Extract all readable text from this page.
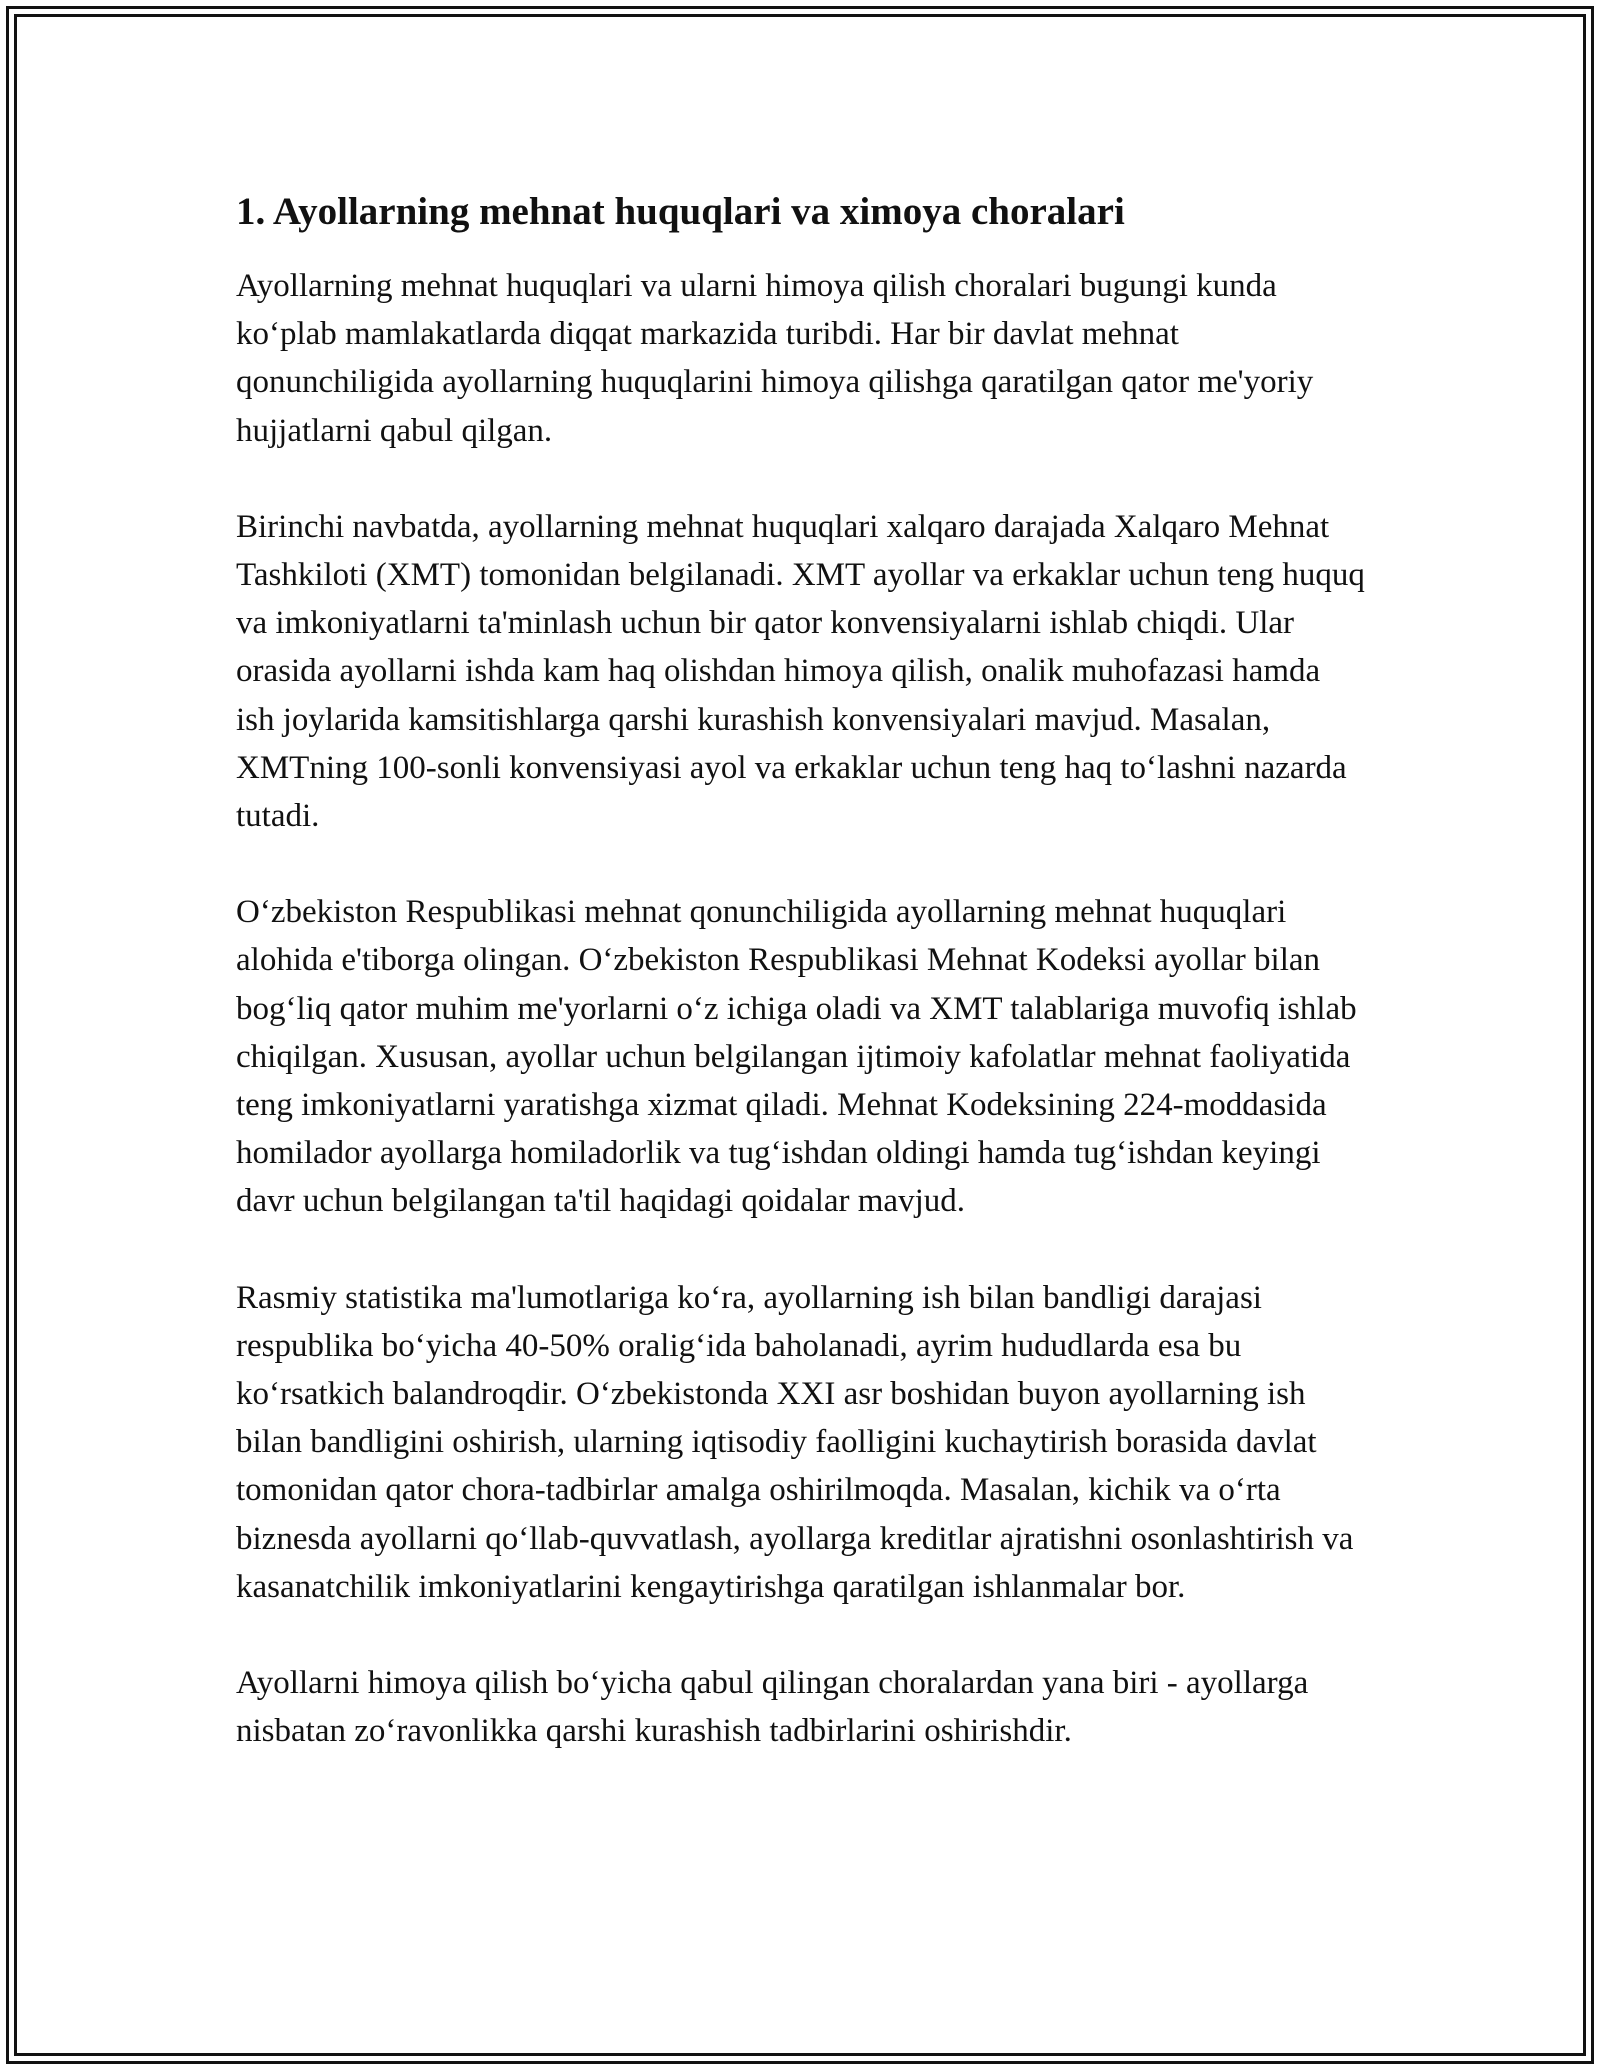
1. Ayollarning mehnat huquqlari va ximoya choralari

Ayollarning mehnat huquqlari va ularni himoya qilish choralari bugungi kunda ko‘plab mamlakatlarda diqqat markazida turibdi. Har bir davlat mehnat qonunchiligida ayollarning huquqlarini himoya qilishga qaratilgan qator me'yoriy hujjatlarni qabul qilgan.

Birinchi navbatda, ayollarning mehnat huquqlari xalqaro darajada Xalqaro Mehnat Tashkiloti (XMT) tomonidan belgilanadi. XMT ayollar va erkaklar uchun teng huquq va imkoniyatlarni ta'minlash uchun bir qator konvensiyalarni ishlab chiqdi. Ular orasida ayollarni ishda kam haq olishdan himoya qilish, onalik muhofazasi hamda ish joylarida kamsitishlarga qarshi kurashish konvensiyalari mavjud. Masalan, XMTning 100-sonli konvensiyasi ayol va erkaklar uchun teng haq to‘lashni nazarda tutadi.

O‘zbekiston Respublikasi mehnat qonunchiligida ayollarning mehnat huquqlari alohida e'tiborga olingan. O‘zbekiston Respublikasi Mehnat Kodeksi ayollar bilan bog‘liq qator muhim me'yorlarni o‘z ichiga oladi va XMT talablariga muvofiq ishlab chiqilgan. Xususan, ayollar uchun belgilangan ijtimoiy kafolatlar mehnat faoliyatida teng imkoniyatlarni yaratishga xizmat qiladi. Mehnat Kodeksining 224-moddasida homilador ayollarga homiladorlik va tug‘ishdan oldingi hamda tug‘ishdan keyingi davr uchun belgilangan ta'til haqidagi qoidalar mavjud.

Rasmiy statistika ma'lumotlariga ko‘ra, ayollarning ish bilan bandligi darajasi respublika bo‘yicha 40-50% oralig‘ida baholanadi, ayrim hududlarda esa bu ko‘rsatkich balandroqdir. O‘zbekistonda XXI asr boshidan buyon ayollarning ish bilan bandligini oshirish, ularning iqtisodiy faolligini kuchaytirish borasida davlat tomonidan qator chora-tadbirlar amalga oshirilmoqda. Masalan, kichik va o‘rta biznesda ayollarni qo‘llab-quvvatlash, ayollarga kreditlar ajratishni osonlashtirish va kasanatchilik imkoniyatlarini kengaytirishga qaratilgan ishlanmalar bor.

Ayollarni himoya qilish bo‘yicha qabul qilingan choralardan yana biri - ayollarga nisbatan zo‘ravonlikka qarshi kurashish tadbirlarini oshirishdir.
